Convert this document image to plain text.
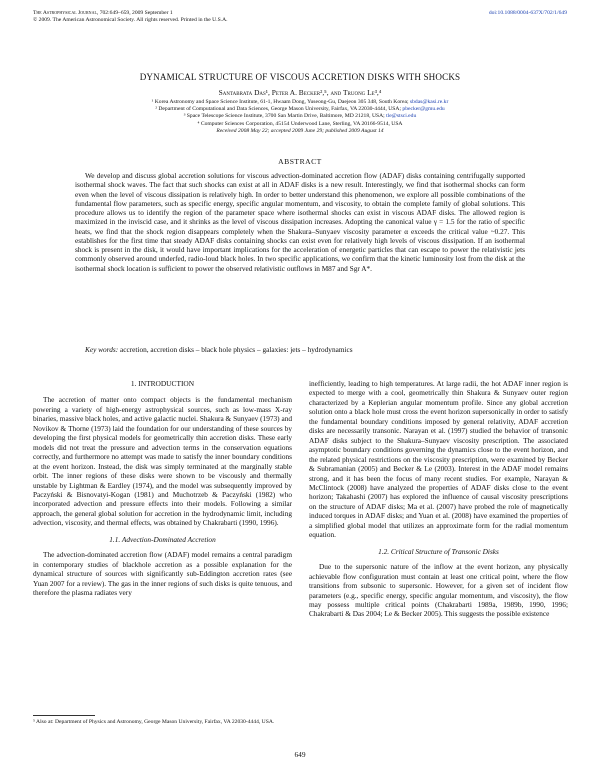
The Astrophysical Journal, 702:649–659, 2009 September 1
© 2009. The American Astronomical Society. All rights reserved. Printed in the U.S.A.
doi:10.1088/0004-637X/702/1/649
DYNAMICAL STRUCTURE OF VISCOUS ACCRETION DISKS WITH SHOCKS
Santabrata Das¹, Peter A. Becker²,⁵, and Truong Le³,⁴
¹ Korea Astronomy and Space Science Institute, 61-1, Hwaam Dong, Yuseong-Gu, Daejeon 305 348, South Korea; sbdas@kasi.re.kr
² Department of Computational and Data Sciences, George Mason University, Fairfax, VA 22030-4444, USA; pbecker@gmu.edu
³ Space Telescope Science Institute, 3700 San Martin Drive, Baltimore, MD 21218, USA; tle@stsci.edu
⁴ Computer Sciences Corporation, 45154 Underwood Lane, Sterling, VA 20166-9514, USA
Received 2008 May 22; accepted 2009 June 29; published 2009 August 14
ABSTRACT
We develop and discuss global accretion solutions for viscous advection-dominated accretion flow (ADAF) disks containing centrifugally supported isothermal shock waves. The fact that such shocks can exist at all in ADAF disks is a new result. Interestingly, we find that isothermal shocks can form even when the level of viscous dissipation is relatively high. In order to better understand this phenomenon, we explore all possible combinations of the fundamental flow parameters, such as specific energy, specific angular momentum, and viscosity, to obtain the complete family of global solutions. This procedure allows us to identify the region of the parameter space where isothermal shocks can exist in viscous ADAF disks. The allowed region is maximized in the inviscid case, and it shrinks as the level of viscous dissipation increases. Adopting the canonical value γ = 1.5 for the ratio of specific heats, we find that the shock region disappears completely when the Shakura–Sunyaev viscosity parameter α exceeds the critical value ~0.27. This establishes for the first time that steady ADAF disks containing shocks can exist even for relatively high levels of viscous dissipation. If an isothermal shock is present in the disk, it would have important implications for the acceleration of energetic particles that can escape to power the relativistic jets commonly observed around underfed, radio-loud black holes. In two specific applications, we confirm that the kinetic luminosity lost from the disk at the isothermal shock location is sufficient to power the observed relativistic outflows in M87 and Sgr A*.
Key words: accretion, accretion disks – black hole physics – galaxies: jets – hydrodynamics
1. INTRODUCTION

The accretion of matter onto compact objects is the fundamental mechanism powering a variety of high-energy astrophysical sources, such as low-mass X-ray binaries, massive black holes, and active galactic nuclei. Shakura & Sunyaev (1973) and Novikov & Thorne (1973) laid the foundation for our understanding of these sources by developing the first physical models for geometrically thin accretion disks. These early models did not treat the pressure and advection terms in the conservation equations correctly, and furthermore no attempt was made to satisfy the inner boundary conditions at the event horizon. Instead, the disk was simply terminated at the marginally stable orbit. The inner regions of these disks were shown to be viscously and thermally unstable by Lightman & Eardley (1974), and the model was subsequently improved by Paczyński & Bisnovatyi-Kogan (1981) and Muchotrzeb & Paczyński (1982) who incorporated advection and pressure effects into their models. Following a similar approach, the general global solution for accretion in the hydrodynamic limit, including advection, viscosity, and thermal effects, was obtained by Chakrabarti (1990, 1996).

1.1. Advection-Dominated Accretion

The advection-dominated accretion flow (ADAF) model remains a central paradigm in contemporary studies of blackhole accretion as a possible explanation for the dynamical structure of sources with significantly sub-Eddington accretion rates (see Yuan 2007 for a review). The gas in the inner regions of such disks is quite tenuous, and therefore the plasma radiates very

inefficiently, leading to high temperatures. At large radii, the hot ADAF inner region is expected to merge with a cool, geometrically thin Shakura & Sunyaev outer region characterized by a Keplerian angular momentum profile. Since any global accretion solution onto a black hole must cross the event horizon supersonically in order to satisfy the fundamental boundary conditions imposed by general relativity, ADAF accretion disks are necessarily transonic. Narayan et al. (1997) studied the behavior of transonic ADAF disks subject to the Shakura–Sunyaev viscosity prescription. The associated asymptotic boundary conditions governing the dynamics close to the event horizon, and the related physical restrictions on the viscosity prescription, were examined by Becker & Subramanian (2005) and Becker & Le (2003). Interest in the ADAF model remains strong, and it has been the focus of many recent studies. For example, Narayan & McClintock (2008) have analyzed the properties of ADAF disks close to the event horizon; Takahashi (2007) has explored the influence of causal viscosity prescriptions on the structure of ADAF disks; Ma et al. (2007) have probed the role of magnetically induced torques in ADAF disks; and Yuan et al. (2008) have examined the properties of a simplified global model that utilizes an approximate form for the radial momentum equation.

1.2. Critical Structure of Transonic Disks

Due to the supersonic nature of the inflow at the event horizon, any physically achievable flow configuration must contain at least one critical point, where the flow transitions from subsonic to supersonic. However, for a given set of incident flow parameters (e.g., specific energy, specific angular momentum, and viscosity), the flow may possess multiple critical points (Chakrabarti 1989a, 1989b, 1990, 1996; Chakrabarti & Das 2004; Le & Becker 2005). This suggests the possible existence

⁵ Also at: Department of Physics and Astronomy, George Mason University, Fairfax, VA 22030-4444, USA.
649
